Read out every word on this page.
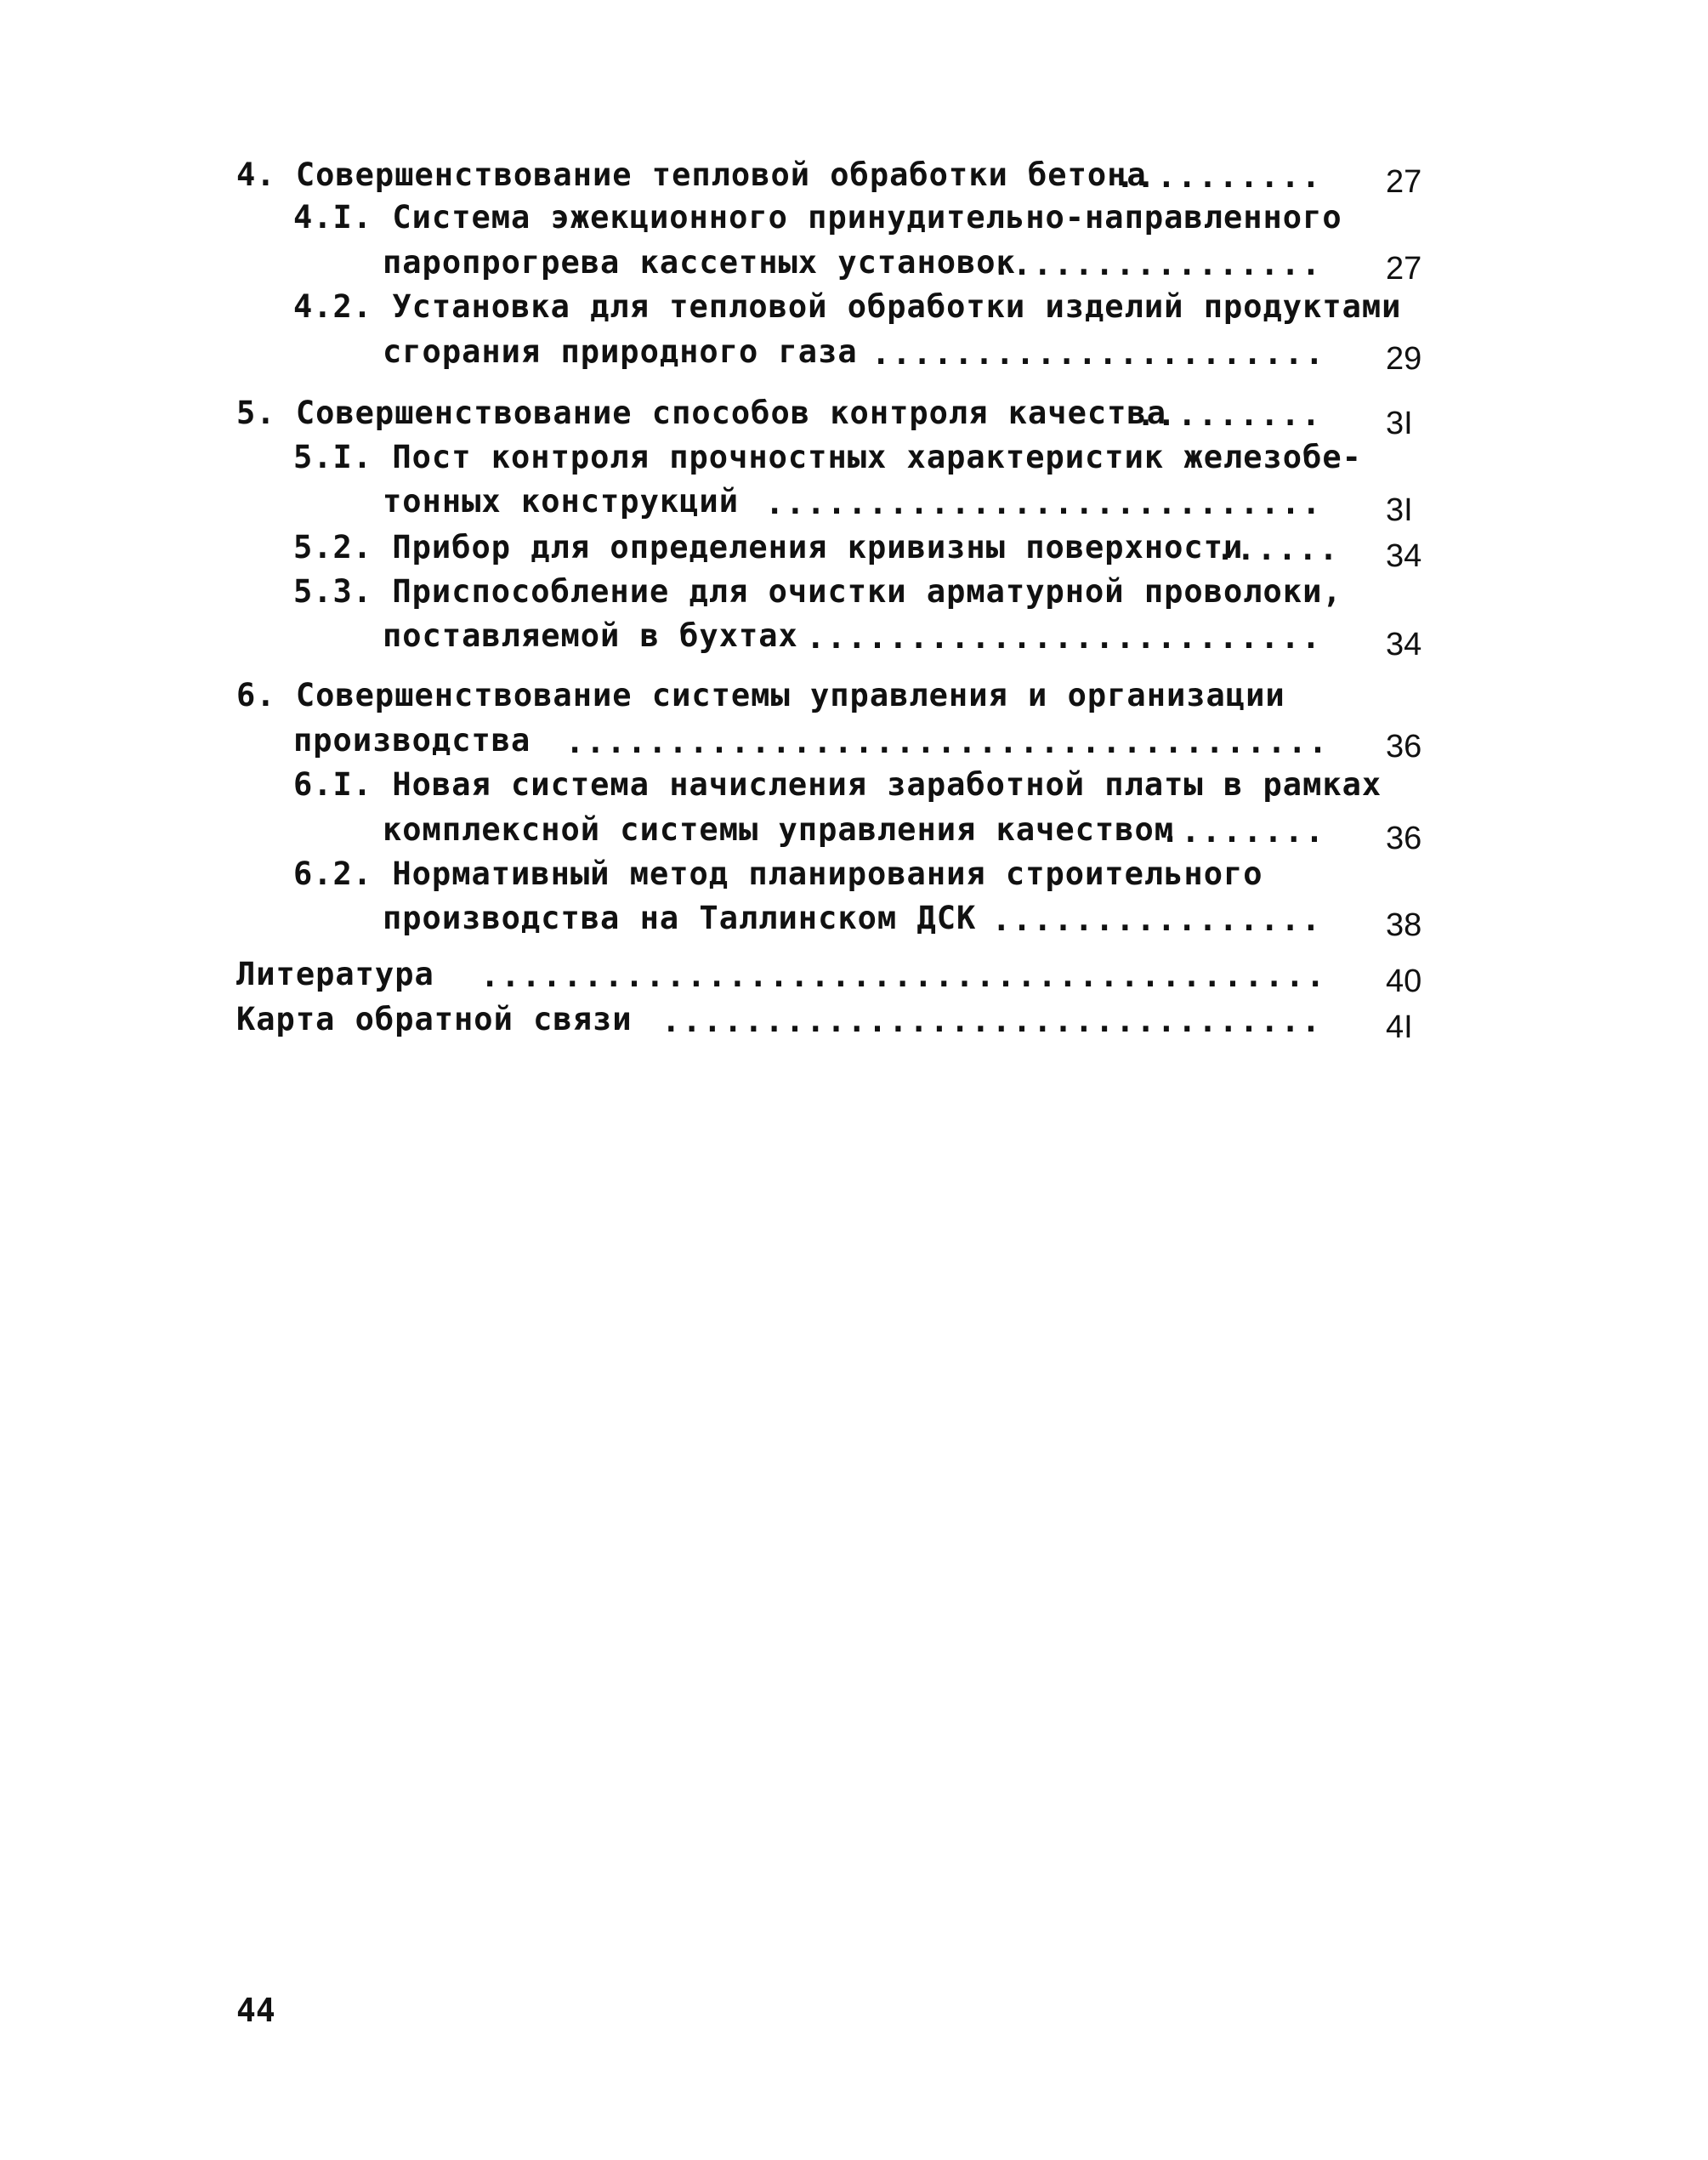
4. Совершенствование тепловой обработки бетона
.......... 27
4.I. Система эжекционного принудительно-направленного
паропрогрева кассетных установок
................ 27
4.2. Установка для тепловой обработки изделий продуктами
сгорания природного газа ...................... 29
5. Совершенствование способов контроля качества
......... 3I
5.I. Пост контроля прочностных характеристик железобе-
тонных конструкций ........................... 3I
5.2. Прибор для определения кривизны поверхности
...... 34
5.3. Приспособление для очистки арматурной проволоки,
поставляемой в бухтах ......................... 34
6. Совершенствование системы управления и организации
производства ..................................... 36
6.I. Новая система начисления заработной платы в рамках
комплексной системы управления качеством
........ 36
6.2. Нормативный метод планирования строительного
производства на Таллинском ДСК ................ 38
Литература ......................................... 40
Карта обратной связи ................................ 4I
44
